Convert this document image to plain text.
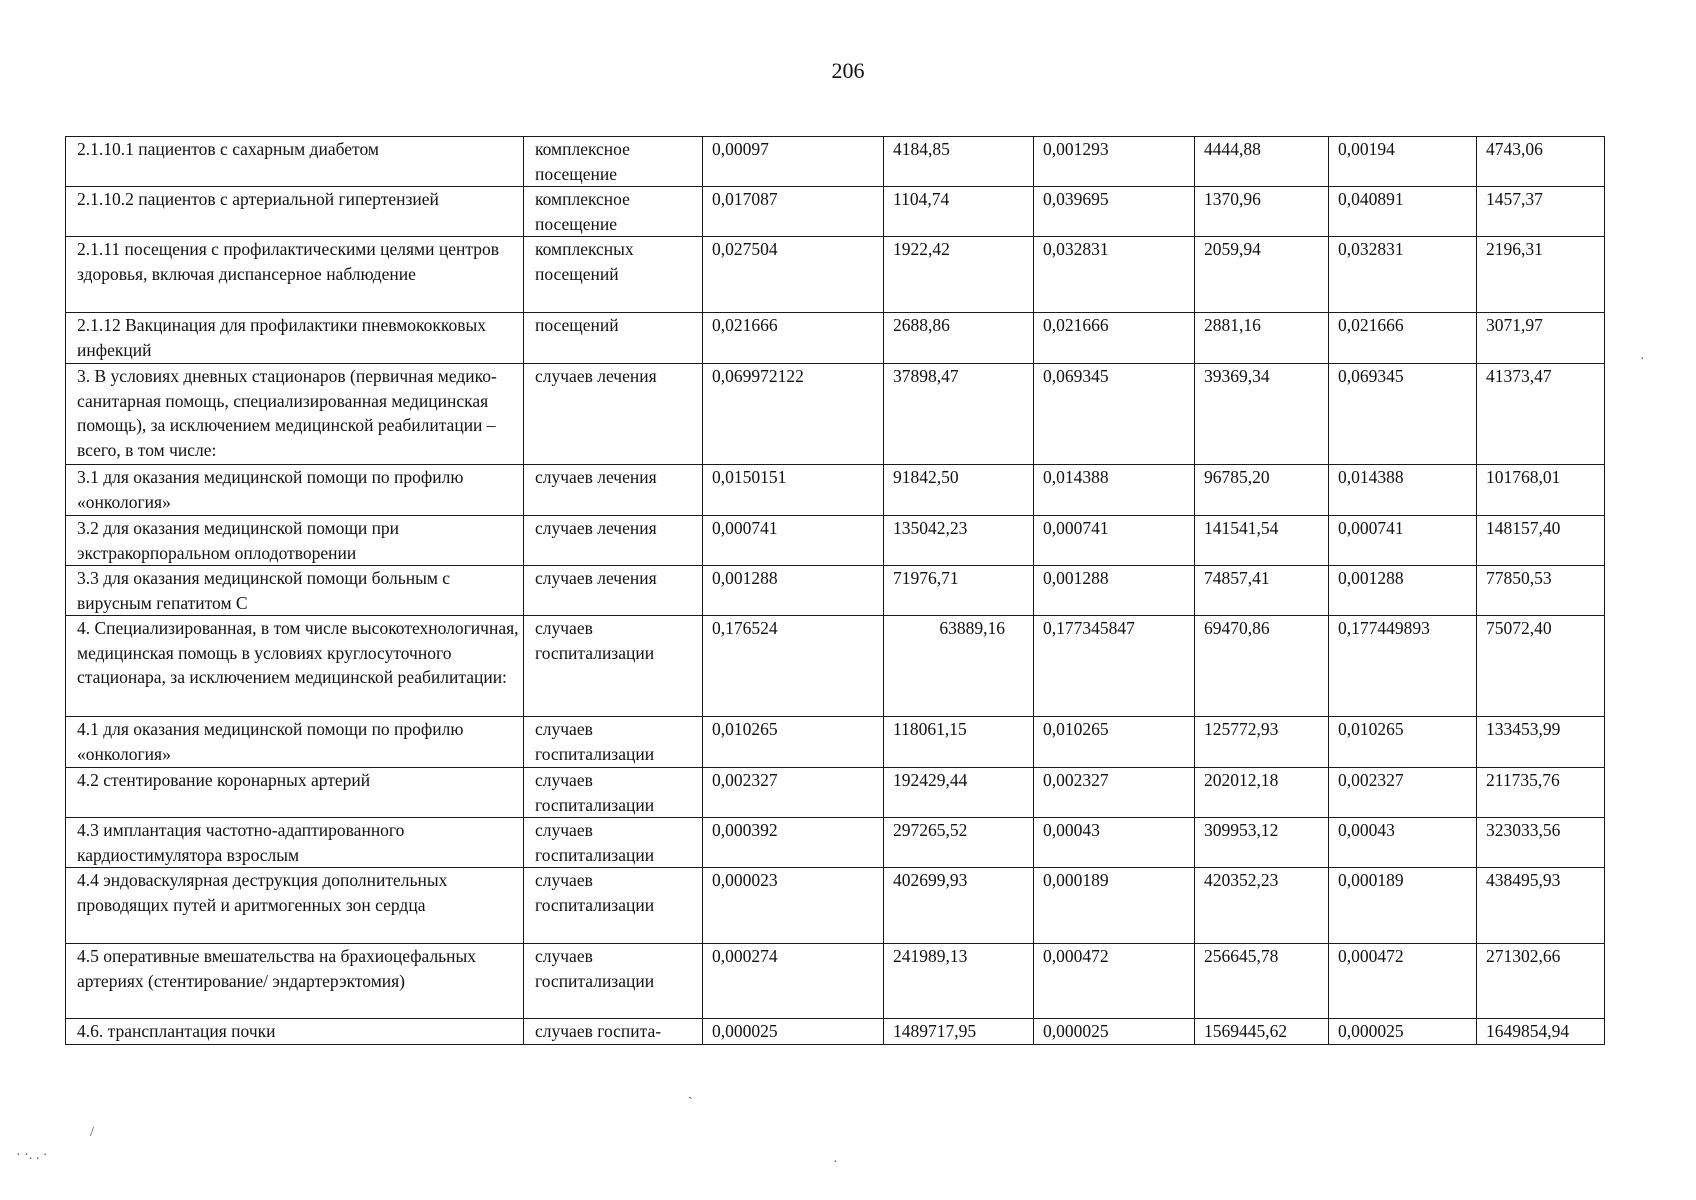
206
2.1.10.1 пациентов с сахарным диабетом	комплексное посещение	0,00097	4184,85	0,001293	4444,88	0,00194	4743,06
2.1.10.2 пациентов с артериальной гипертензией	комплексное посещение	0,017087	1104,74	0,039695	1370,96	0,040891	1457,37
2.1.11 посещения с профилактическими целями центров здоровья, включая диспансерное наблюдение	комплексных посещений	0,027504	1922,42	0,032831	2059,94	0,032831	2196,31
2.1.12 Вакцинация для профилактики пневмококковых инфекций	посещений	0,021666	2688,86	0,021666	2881,16	0,021666	3071,97
3. В условиях дневных стационаров (первичная медико-санитарная помощь, специализированная медицинская помощь), за исключением медицинской реабилитации – всего, в том числе:	случаев лечения	0,069972122	37898,47	0,069345	39369,34	0,069345	41373,47
3.1 для оказания медицинской помощи по профилю «онкология»	случаев лечения	0,0150151	91842,50	0,014388	96785,20	0,014388	101768,01
3.2 для оказания медицинской помощи при экстракорпоральном оплодотворении	случаев лечения	0,000741	135042,23	0,000741	141541,54	0,000741	148157,40
3.3 для оказания медицинской помощи больным с вирусным гепатитом С	случаев лечения	0,001288	71976,71	0,001288	74857,41	0,001288	77850,53
4. Специализированная, в том числе высокотехнологичная, медицинская помощь в условиях круглосуточного стационара, за исключением медицинской реабилитации:	случаев госпитализации	0,176524	63889,16	0,177345847	69470,86	0,177449893	75072,40
4.1 для оказания медицинской помощи по профилю «онкология»	случаев госпитализации	0,010265	118061,15	0,010265	125772,93	0,010265	133453,99
4.2 стентирование коронарных артерий	случаев госпитализации	0,002327	192429,44	0,002327	202012,18	0,002327	211735,76
4.3 имплантация частотно-адаптированного кардиостимулятора взрослым	случаев госпитализации	0,000392	297265,52	0,00043	309953,12	0,00043	323033,56
4.4 эндоваскулярная деструкция дополнительных проводящих путей и аритмогенных зон сердца	случаев госпитализации	0,000023	402699,93	0,000189	420352,23	0,000189	438495,93
4.5 оперативные вмешательства на брахиоцефальных артериях (стентирование/ эндартерэктомия)	случаев госпитализации	0,000274	241989,13	0,000472	256645,78	0,000472	271302,66
4.6. трансплантация почки	случаев госпита-	0,000025	1489717,95	0,000025	1569445,62	0,000025	1649854,94
ˏ
/
· ·. . ·	·
·
